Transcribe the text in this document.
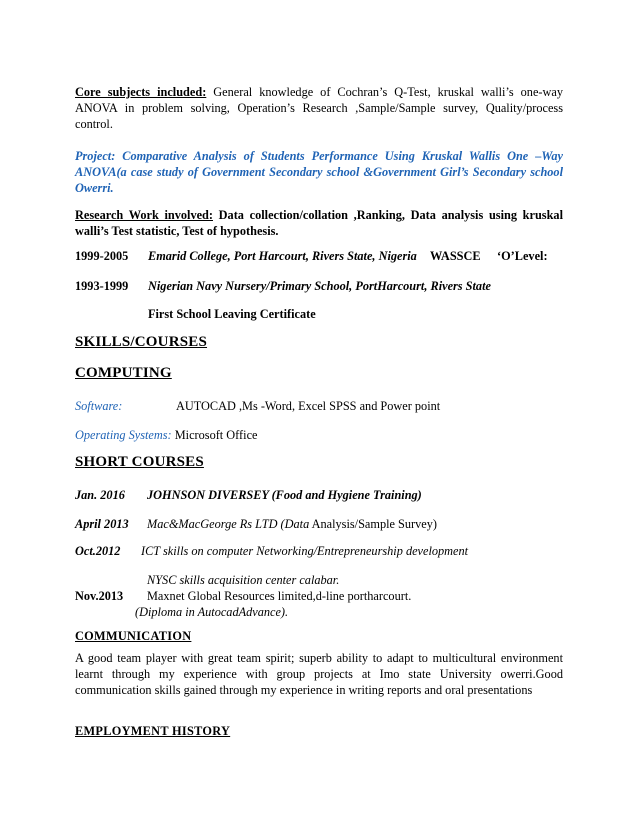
Core subjects included: General knowledge of Cochran’s Q-Test, kruskal walli’s one-way ANOVA in problem solving, Operation’s Research ,Sample/Sample survey, Quality/process control.
Project: Comparative Analysis of Students Performance Using Kruskal Wallis One –Way ANOVA(a case study of Government Secondary school &Government Girl’s Secondary school Owerri.
Research Work involved: Data collection/collation ,Ranking, Data analysis using kruskal walli’s Test statistic, Test of hypothesis.
1999-2005 Emarid College, Port Harcourt, Rivers State, Nigeria WASSCE ‘O’Level:
1993-1999 Nigerian Navy Nursery/Primary School, PortHarcourt, Rivers State
First School Leaving Certificate
SKILLS/COURSES
COMPUTING
Software:	AUTOCAD ,Ms -Word, Excel SPSS and Power point
Operating Systems: Microsoft Office
SHORT COURSES
Jan. 2016 JOHNSON DIVERSEY (Food and Hygiene Training)
April 2013 Mac&MacGeorge Rs LTD (Data Analysis/Sample Survey)
Oct.2012 ICT skills on computer Networking/Entrepreneurship development
NYSC skills acquisition center calabar.
Nov.2013 Maxnet Global Resources limited,d-line portharcourt.
(Diploma in AutocadAdvance).
COMMUNICATION
A good team player with great team spirit; superb ability to adapt to multicultural environment learnt through my experience with group projects at Imo state University owerri.Good communication skills gained through my experience in writing reports and oral presentations
EMPLOYMENT HISTORY
